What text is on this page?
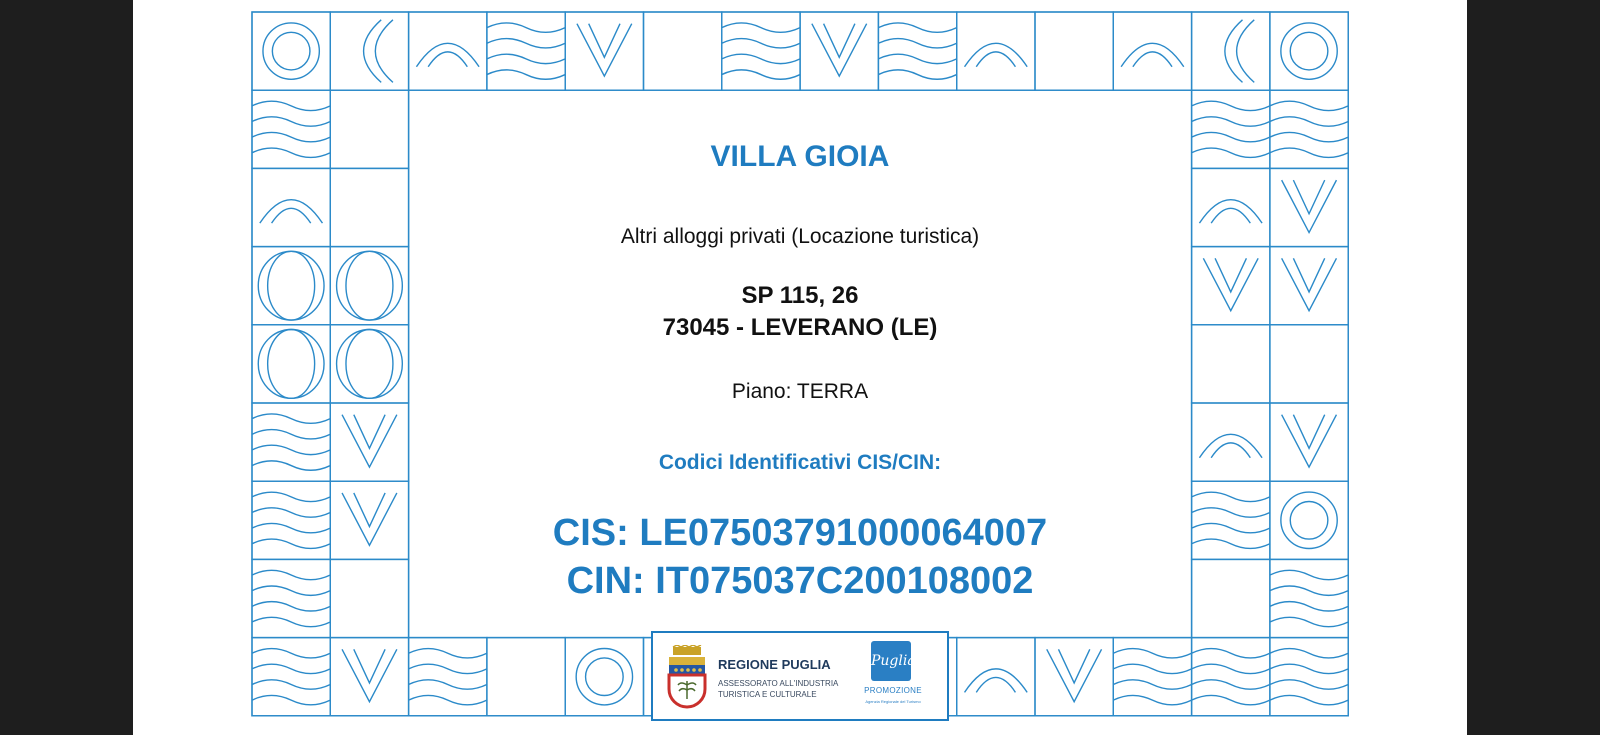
VILLA GIOIA

Altri alloggi privati (Locazione turistica)

SP 115, 26

73045 - LEVERANO (LE)

Piano: TERRA

Codici Identificativi CIS/CIN:

CIS: LE07503791000064007

CIN: IT075037C200108002

REGIONE PUGLIA
ASSESSORATO ALL'INDUSTRIA TURISTICA E CULTURALE
Puglia
PROMOZIONE
Agenzia Regionale del Turismo
